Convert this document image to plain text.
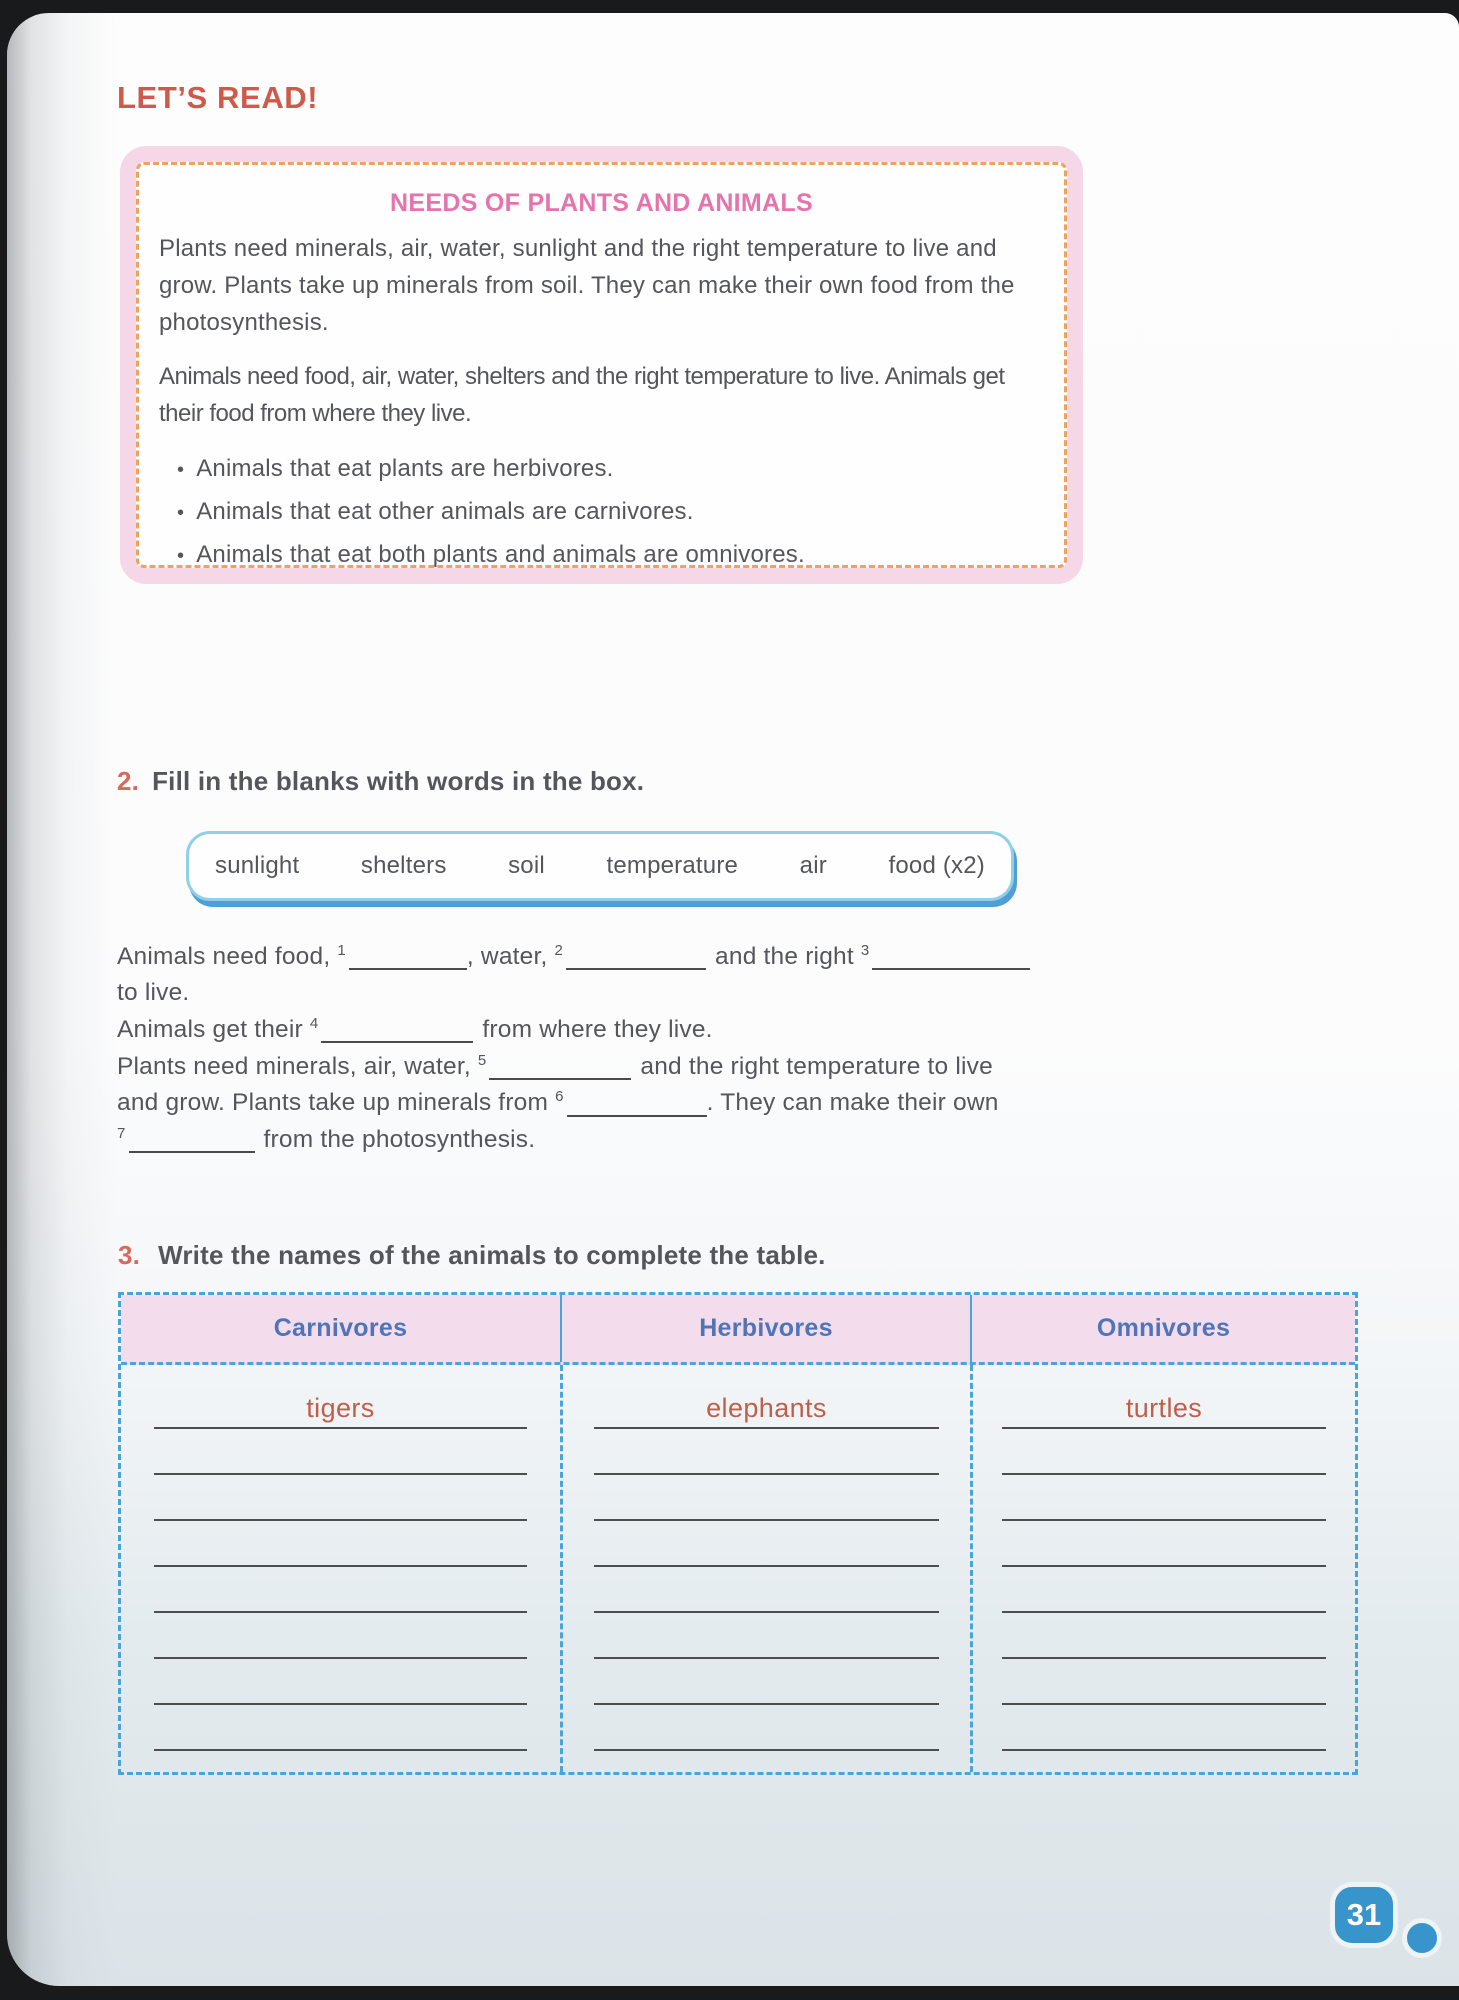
LET’S READ!
NEEDS OF PLANTS AND ANIMALS

Plants need minerals, air, water, sunlight and the right temperature to live and grow. Plants take up minerals from soil. They can make their own food from the photosynthesis.

Animals need food, air, water, shelters and the right temperature to live. Animals get their food from where they live.

• Animals that eat plants are herbivores.
• Animals that eat other animals are carnivores.
• Animals that eat both plants and animals are omnivores.
2. Fill in the blanks with words in the box.
sunlight	shelters	soil	temperature	air	food (x2)
Animals need food, $^1$	, water, $^2$	and the right $^3$
to live.
Animals get their $^4$	from where they live.
Plants need minerals, air, water, $^5$	and the right temperature to live
and grow. Plants take up minerals from $^6$	. They can make their own
$^7$	from the photosynthesis.
3. Write the names of the animals to complete the table.
Carnivores	Herbivores	Omnivores
tigers	elephants	turtles
31
